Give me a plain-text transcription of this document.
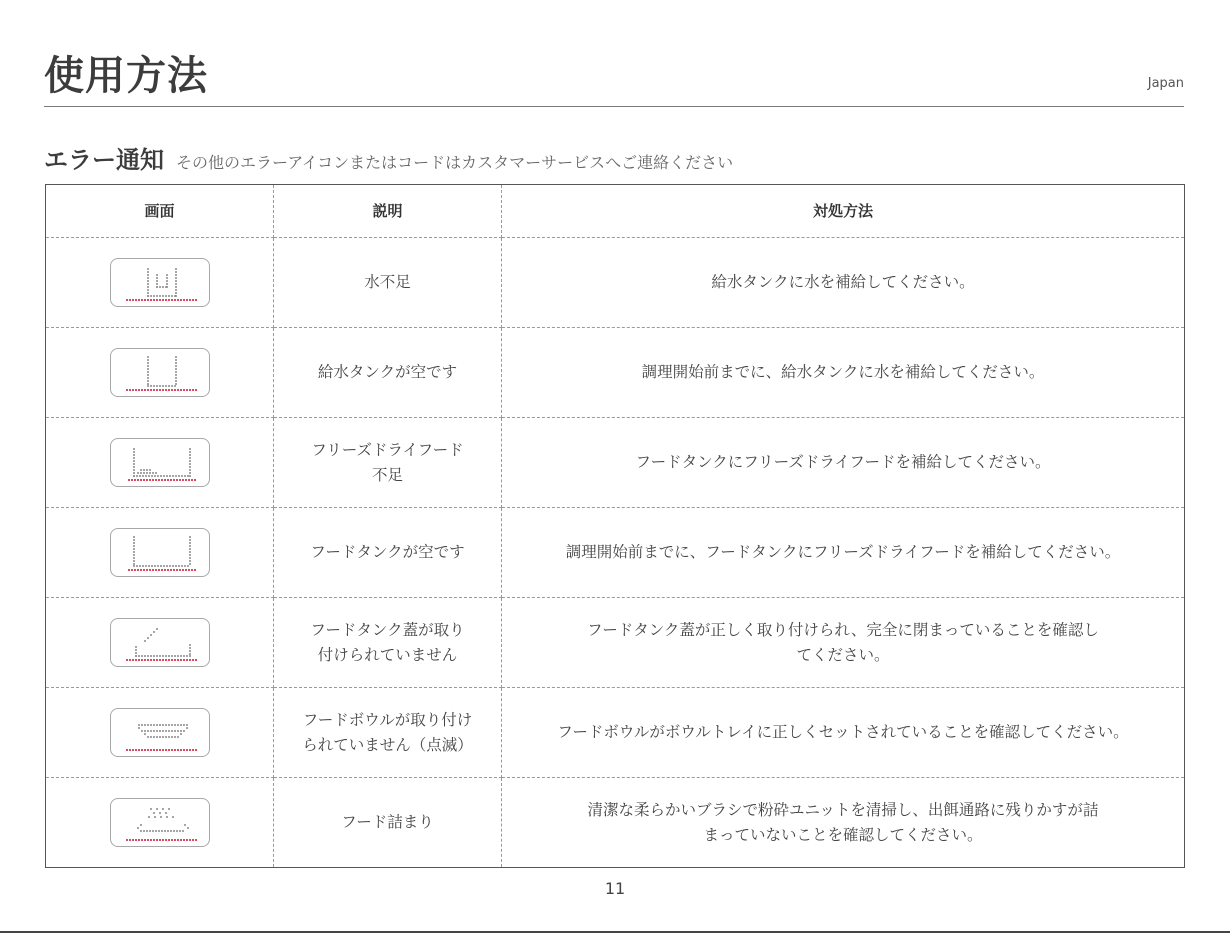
使用方法	Japan
エラー通知 その他のエラーアイコンまたはコードはカスタマーサービスへご連絡ください
画面	説明	対処方法

	水不足	給水タンクに水を補給してください。

	給水タンクが空です	調理開始前までに、給水タンクに水を補給してください。

	フリーズドライフード
不足	フードタンクにフリーズドライフードを補給してください。

	フードタンクが空です	調理開始前までに、フードタンクにフリーズドライフードを補給してください。

	フードタンク蓋が取り
付けられていません	フードタンク蓋が正しく取り付けられ、完全に閉まっていることを確認し
てください。

	フードボウルが取り付け
られていません（点滅）	フードボウルがボウルトレイに正しくセットされていることを確認してください。

	フード詰まり	清潔な柔らかいブラシで粉砕ユニットを清掃し、出餌通路に残りかすが詰
まっていないことを確認してください。
11
